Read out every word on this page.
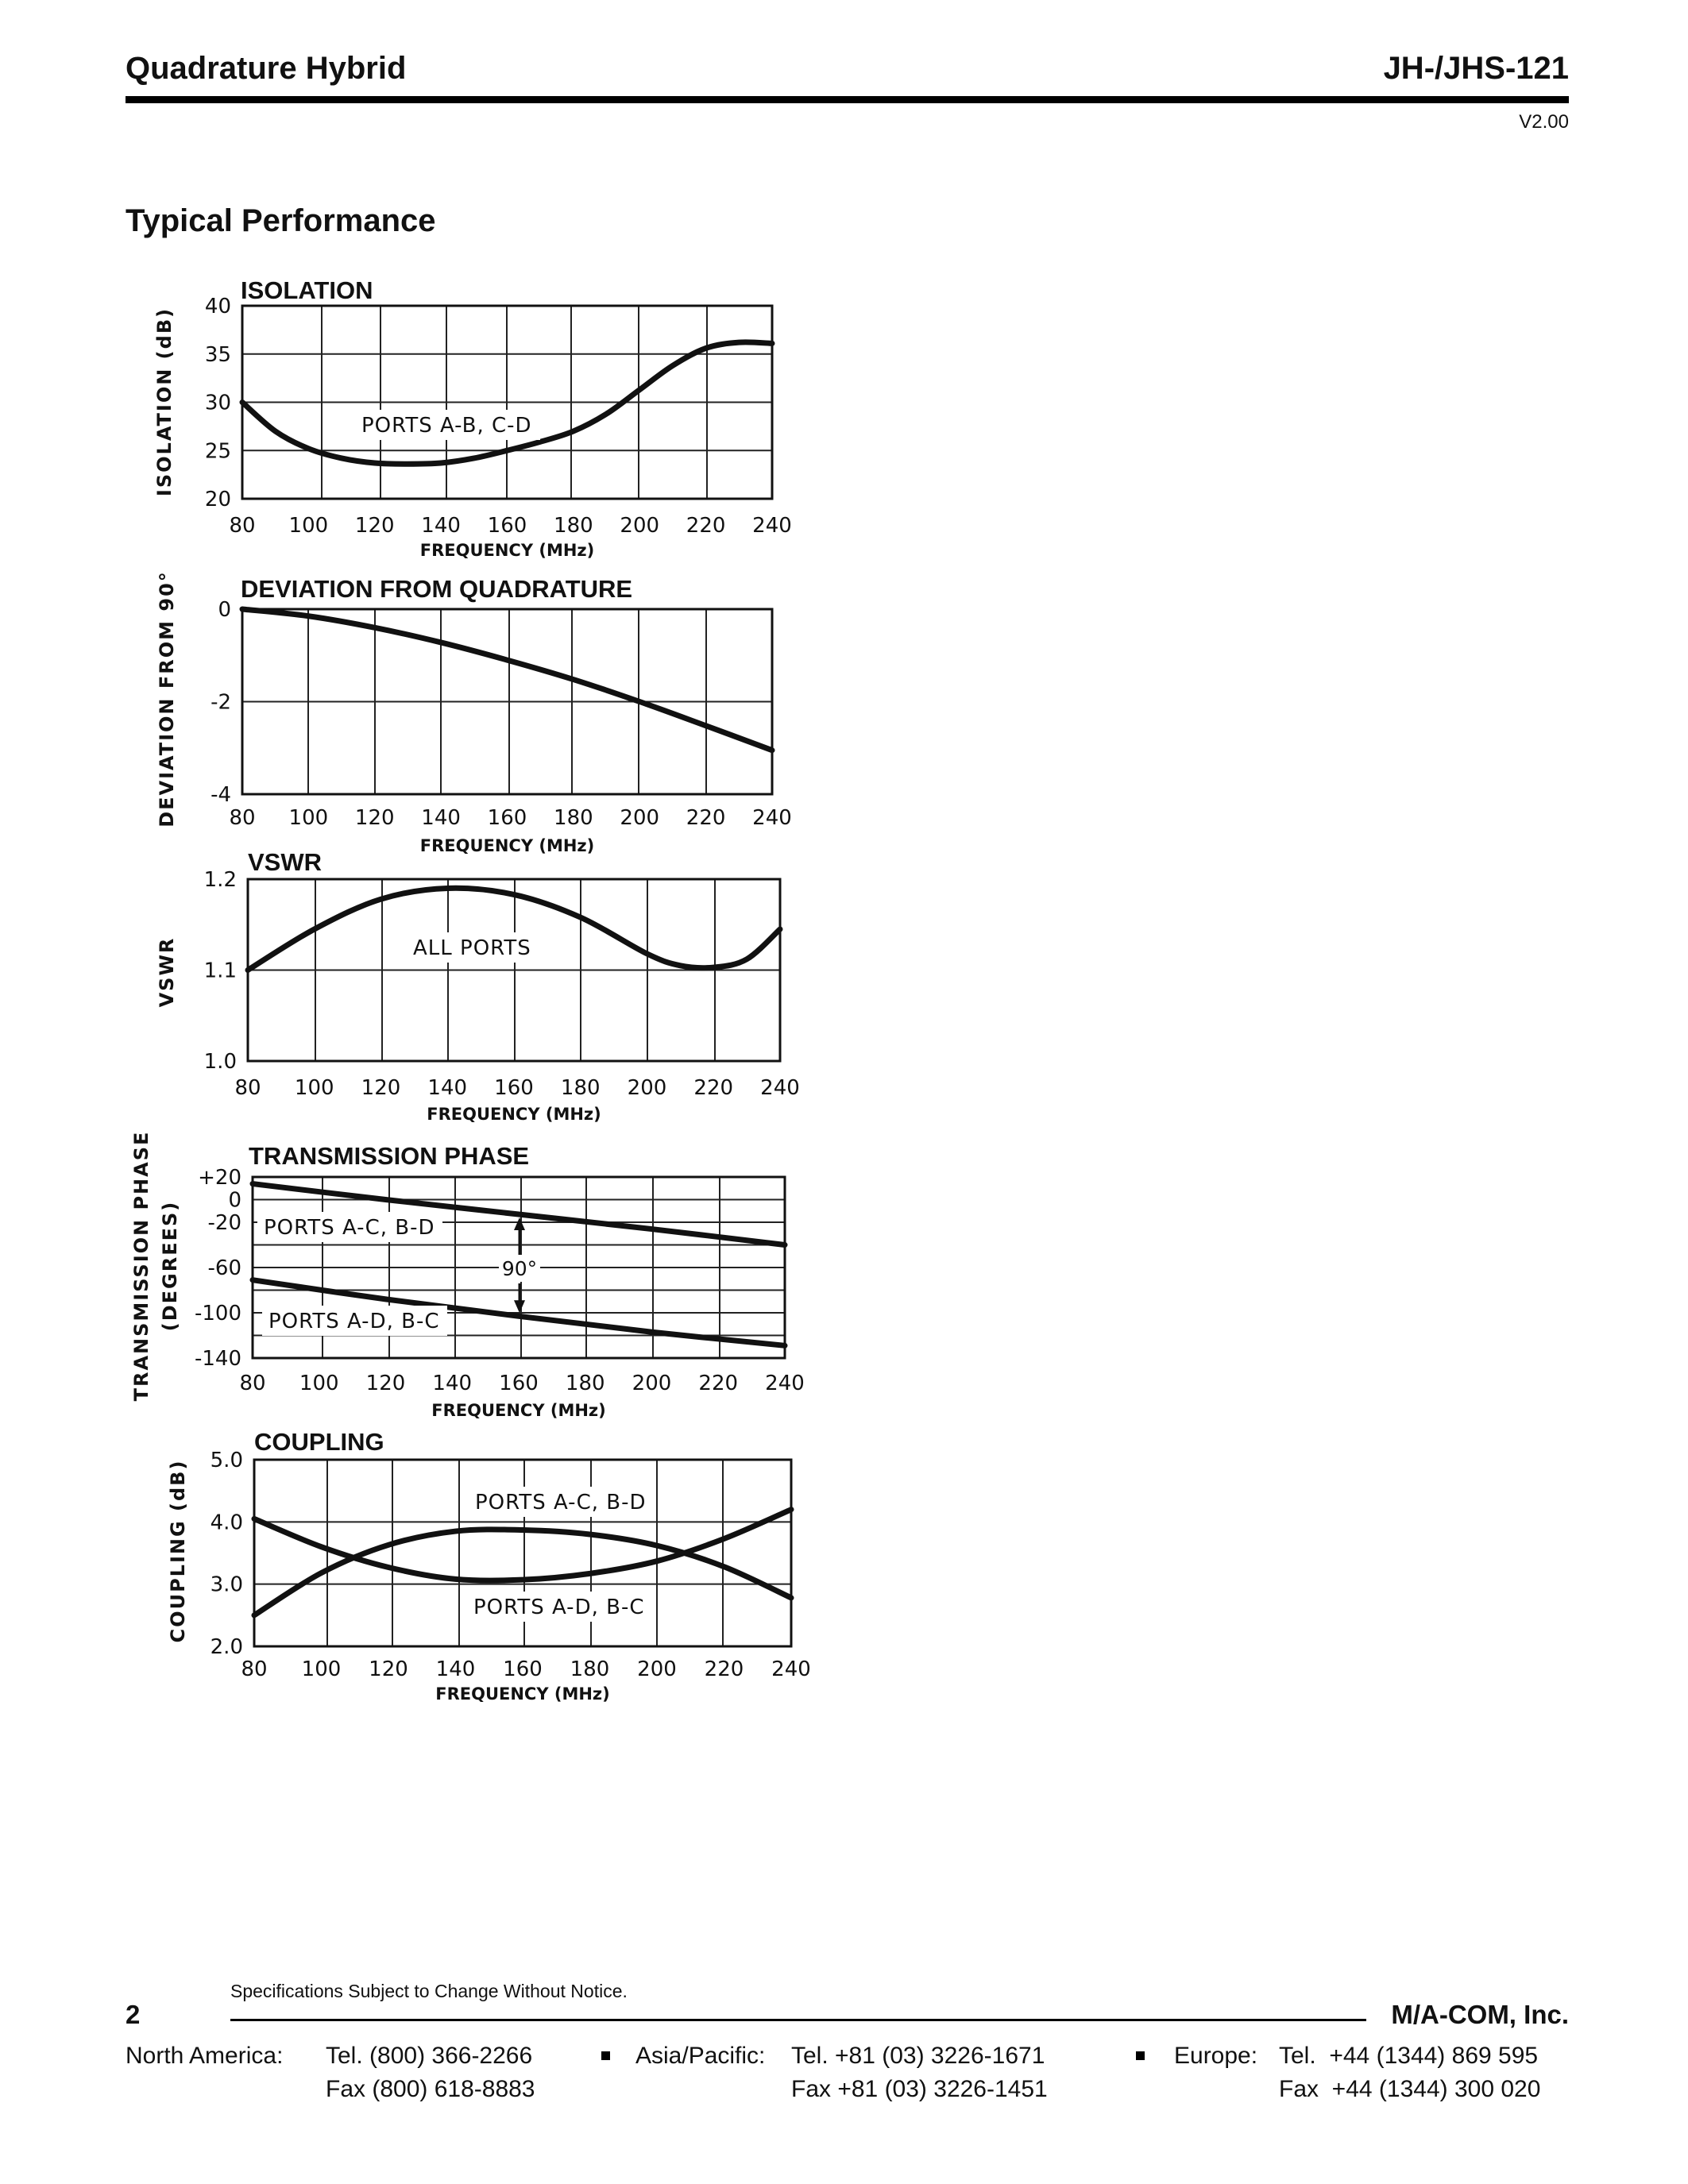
Quadrature Hybrid	JH-/JHS-121
V2.00
Typical Performance
40
35
30
25
20
80 100 120 140 160 180 200 220 240
FREQUENCY (MHz)
ISOLATION
ISOLATION (dB)	PORTS A-B, C-D
0
-2
-4
80 100 120 140 160 180 200 220 240
FREQUENCY (MHz)
DEVIATION FROM QUADRATURE
DEVIATION FROM 90°
1.2
1.1
1.0
80 100 120 140 160 180 200 220 240
FREQUENCY (MHz)
VSWR
VSWR	ALL PORTS
+20
0
-20
-60
-100
-140
80 100 120 140 160 180 200 220 240
FREQUENCY (MHz)
TRANSMISSION PHASE
TRANSMISSION PHASE (DEGREES)	PORTS A-C, B-D
PORTS A-D, B-C
90°
5.0
4.0
3.0
2.0
80 100 120 140 160 180 200 220 240
FREQUENCY (MHz)
COUPLING
COUPLING (dB)	PORTS A-C, B-D
PORTS A-D, B-C
Specifications Subject to Change Without Notice.
2	M/A-COM, Inc.
North America: Tel. (800) 366-2266
Fax (800) 618-8883
Asia/Pacific: Tel. +81 (03) 3226-1671
Fax +81 (03) 3226-1451
Europe: Tel.  +44 (1344) 869 595
Fax  +44 (1344) 300 020
